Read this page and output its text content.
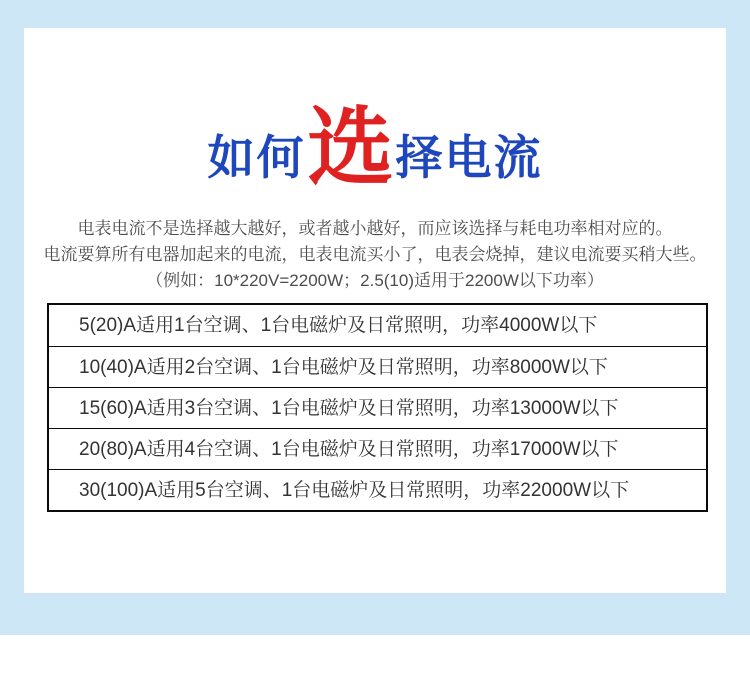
如何 选 择电流
电表电流不是选择越大越好，或者越小越好，而应该选择与耗电功率相对应的。
电流要算所有电器加起来的电流，电表电流买小了，电表会烧掉，建议电流要买稍大些。
（例如：10*220V=2200W；2.5(10)适用于2200W以下功率）
5(20)A适用1台空调、1台电磁炉及日常照明，功率4000W以下
10(40)A适用2台空调、1台电磁炉及日常照明，功率8000W以下
15(60)A适用3台空调、1台电磁炉及日常照明，功率13000W以下
20(80)A适用4台空调、1台电磁炉及日常照明，功率17000W以下
30(100)A适用5台空调、1台电磁炉及日常照明，功率22000W以下
